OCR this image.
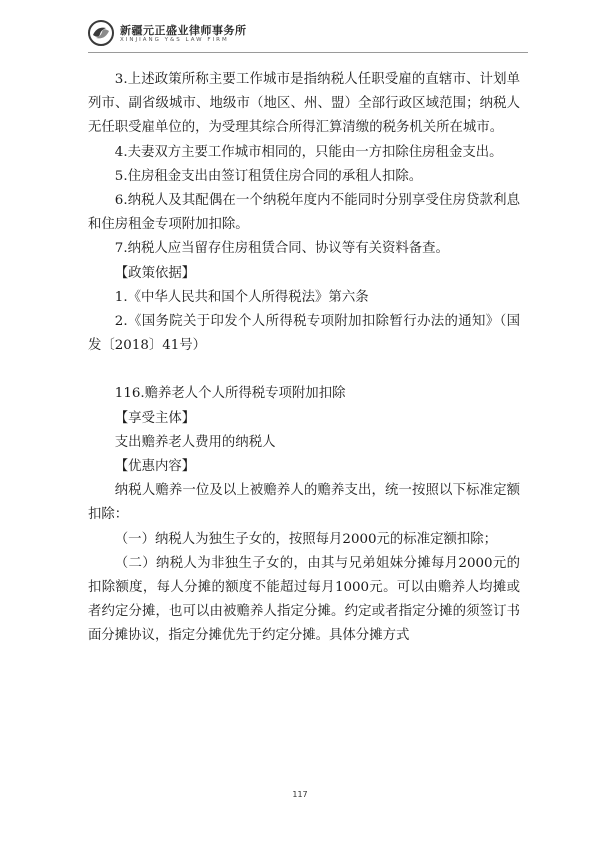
新疆元正盛业律师事务所
XINJIANG Y&S LAW FIRM

3.上述政策所称主要工作城市是指纳税人任职受雇的直辖市、计划单列市、副省级城市、地级市（地区、州、盟）全部行政区域范围；纳税人无任职受雇单位的，为受理其综合所得汇算清缴的税务机关所在城市。

4.夫妻双方主要工作城市相同的，只能由一方扣除住房租金支出。

5.住房租金支出由签订租赁住房合同的承租人扣除。

6.纳税人及其配偶在一个纳税年度内不能同时分别享受住房贷款利息和住房租金专项附加扣除。

7.纳税人应当留存住房租赁合同、协议等有关资料备查。

【政策依据】

1.《中华人民共和国个人所得税法》第六条

2.《国务院关于印发个人所得税专项附加扣除暂行办法的通知》（国发〔2018〕41号）

116.赡养老人个人所得税专项附加扣除

【享受主体】

支出赡养老人费用的纳税人

【优惠内容】

纳税人赡养一位及以上被赡养人的赡养支出，统一按照以下标准定额扣除：

（一）纳税人为独生子女的，按照每月2000元的标准定额扣除；

（二）纳税人为非独生子女的，由其与兄弟姐妹分摊每月2000元的扣除额度，每人分摊的额度不能超过每月1000元。可以由赡养人均摊或者约定分摊，也可以由被赡养人指定分摊。约定或者指定分摊的须签订书面分摊协议，指定分摊优先于约定分摊。具体分摊方式

117
